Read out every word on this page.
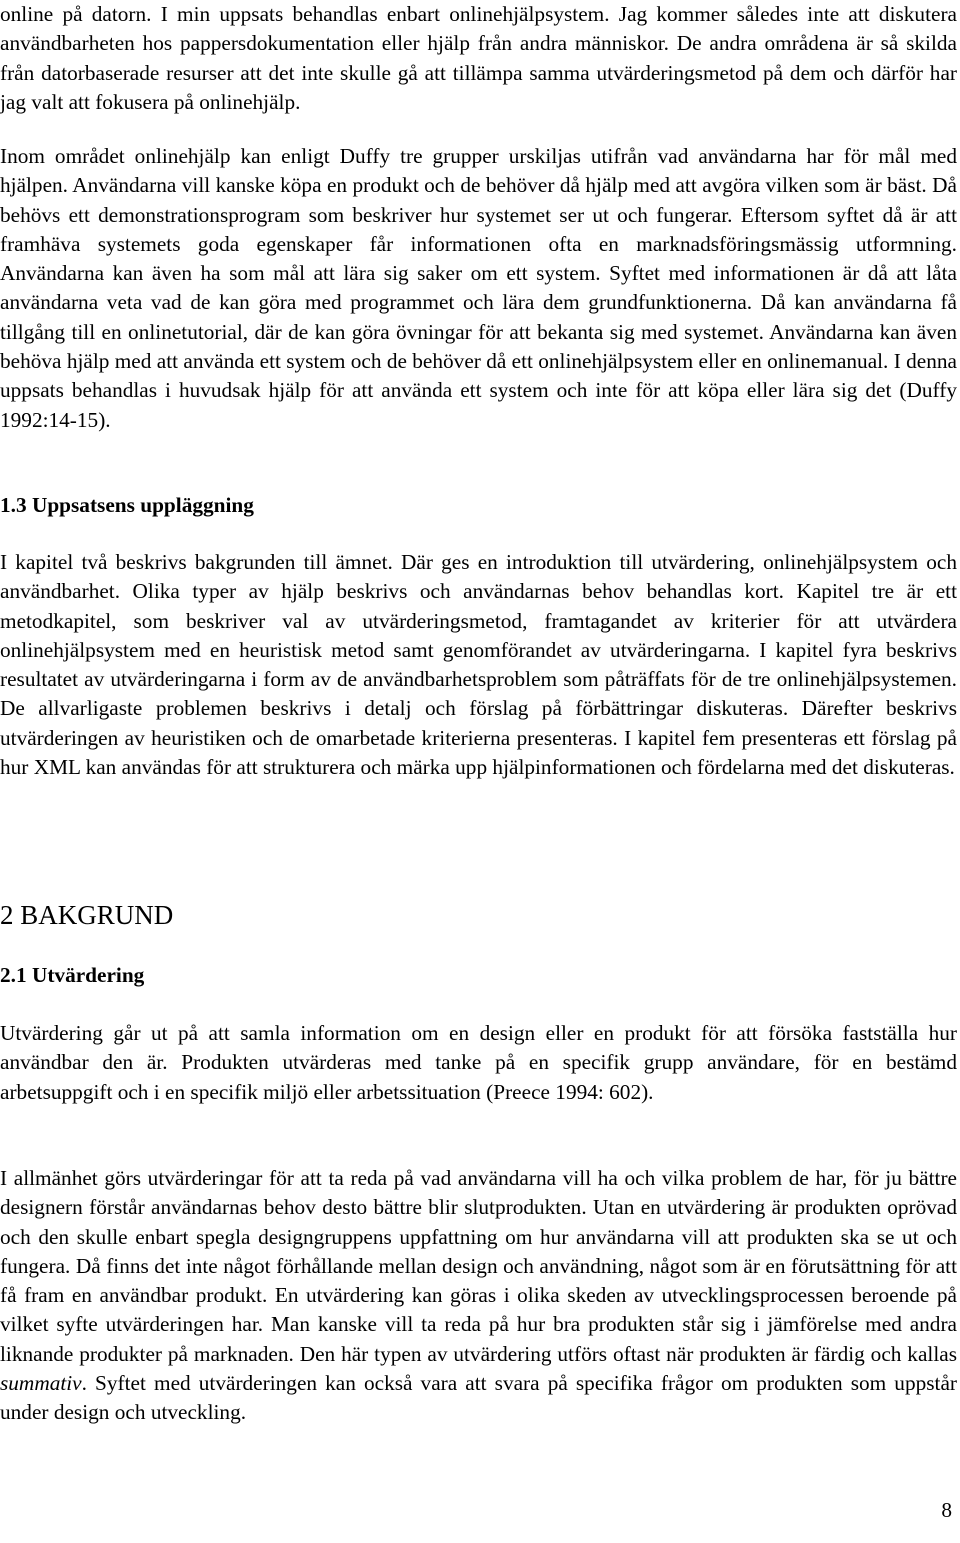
online på datorn. I min uppsats behandlas enbart onlinehjälpsystem. Jag kommer således inte att diskutera användbarheten hos pappersdokumentation eller hjälp från andra människor. De andra områdena är så skilda från datorbaserade resurser att det inte skulle gå att tillämpa samma utvärderingsmetod på dem och därför har jag valt att fokusera på onlinehjälp.

Inom området onlinehjälp kan enligt Duffy tre grupper urskiljas utifrån vad användarna har för mål med hjälpen. Användarna vill kanske köpa en produkt och de behöver då hjälp med att avgöra vilken som är bäst. Då behövs ett demonstrationsprogram som beskriver hur systemet ser ut och fungerar. Eftersom syftet då är att framhäva systemets goda egenskaper får informationen ofta en marknadsföringsmässig utformning. Användarna kan även ha som mål att lära sig saker om ett system. Syftet med informationen är då att låta användarna veta vad de kan göra med programmet och lära dem grundfunktionerna. Då kan användarna få tillgång till en onlinetutorial, där de kan göra övningar för att bekanta sig med systemet. Användarna kan även behöva hjälp med att använda ett system och de behöver då ett onlinehjälpsystem eller en onlinemanual. I denna uppsats behandlas i huvudsak hjälp för att använda ett system och inte för att köpa eller lära sig det (Duffy 1992:14-15).

1.3 Uppsatsens uppläggning

I kapitel två beskrivs bakgrunden till ämnet. Där ges en introduktion till utvärdering, onlinehjälpsystem och användbarhet. Olika typer av hjälp beskrivs och användarnas behov behandlas kort. Kapitel tre är ett metodkapitel, som beskriver val av utvärderingsmetod, framtagandet av kriterier för att utvärdera onlinehjälpsystem med en heuristisk metod samt genomförandet av utvärderingarna. I kapitel fyra beskrivs resultatet av utvärderingarna i form av de användbarhetsproblem som påträffats för de tre onlinehjälpsystemen. De allvarligaste problemen beskrivs i detalj och förslag på förbättringar diskuteras. Därefter beskrivs utvärderingen av heuristiken och de omarbetade kriterierna presenteras. I kapitel fem presenteras ett förslag på hur XML kan användas för att strukturera och märka upp hjälpinformationen och fördelarna med det diskuteras.

2 BAKGRUND
2.1 Utvärdering

Utvärdering går ut på att samla information om en design eller en produkt för att försöka fastställa hur användbar den är. Produkten utvärderas med tanke på en specifik grupp användare, för en bestämd arbetsuppgift och i en specifik miljö eller arbetssituation (Preece 1994: 602).

I allmänhet görs utvärderingar för att ta reda på vad användarna vill ha och vilka problem de har, för ju bättre designern förstår användarnas behov desto bättre blir slutprodukten. Utan en utvärdering är produkten oprövad och den skulle enbart spegla designgruppens uppfattning om hur användarna vill att produkten ska se ut och fungera. Då finns det inte något förhållande mellan design och användning, något som är en förutsättning för att få fram en användbar produkt. En utvärdering kan göras i olika skeden av utvecklingsprocessen beroende på vilket syfte utvärderingen har. Man kanske vill ta reda på hur bra produkten står sig i jämförelse med andra liknande produkter på marknaden. Den här typen av utvärdering utförs oftast när produkten är färdig och kallas summativ. Syftet med utvärderingen kan också vara att svara på specifika frågor om produkten som uppstår under design och utveckling.

8
